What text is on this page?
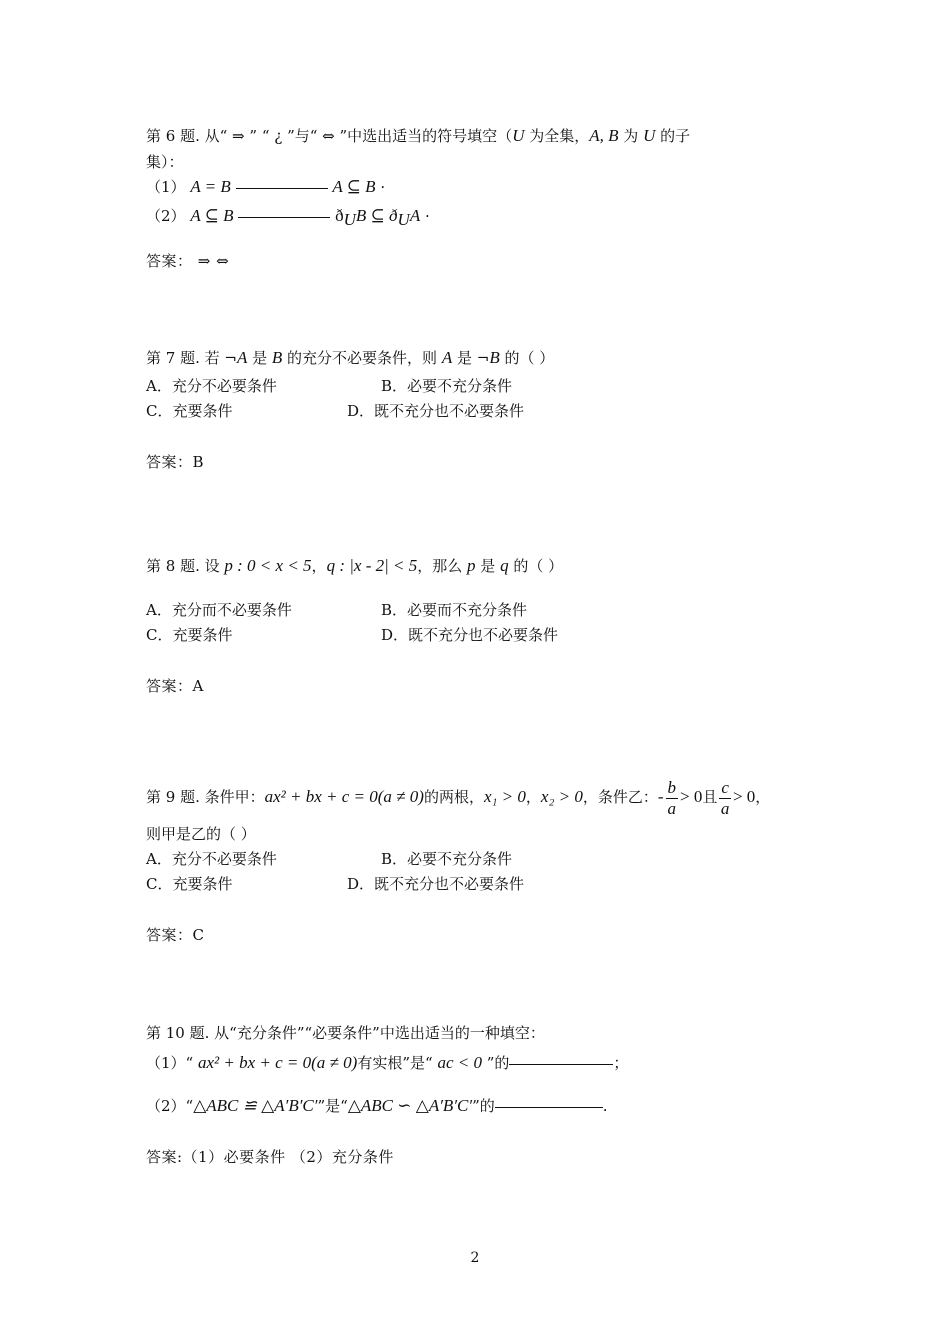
第 6 题. 从“ ⇒ ” “ ¿ ”与“ ⇔ ”中选出适当的符号填空（U 为全集，A, B 为 U 的子
集）：
（1） A = B	A ⊆ B ·
（2） A ⊆ B	$ð_UB$ ⊆ $ð_UA$ ·
答案： ⇒ ⇔
第 7 题. 若 ¬A 是 B 的充分不必要条件，则 A 是 ¬B 的（ ）
A．充分不必要条件	B．必要不充分条件
C．充要条件	D．既不充分也不必要条件
答案：B
第 8 题. 设 p : 0 < x < 5，q : |x - 2| < 5，那么 p 是 q 的（ ）
A．充分而不必要条件	B．必要而不充分条件
C．充要条件	D．既不充分也不必要条件
答案：A
第 9 题. 条件甲：ax² + bx + c = 0(a ≠ 0)的两根，x₁ > 0，x₂ > 0，条件乙：- $\frac{b}{a} > 0$且 $\frac{c}{a} > 0$，
则甲是乙的（ ）
A．充分不必要条件	B．必要不充分条件
C．充要条件	D．既不充分也不必要条件
答案：C
第 10 题. 从“充分条件”“必要条件”中选出适当的一种填空：
（1）“ ax² + bx + c = 0(a ≠ 0)有实根”是“ ac < 0 ”的	；
（2）“△ABC ≌ △A′B′C′”是“△ABC ∽ △A′B′C′”的	.
答案:（1）必要条件 （2）充分条件
2
